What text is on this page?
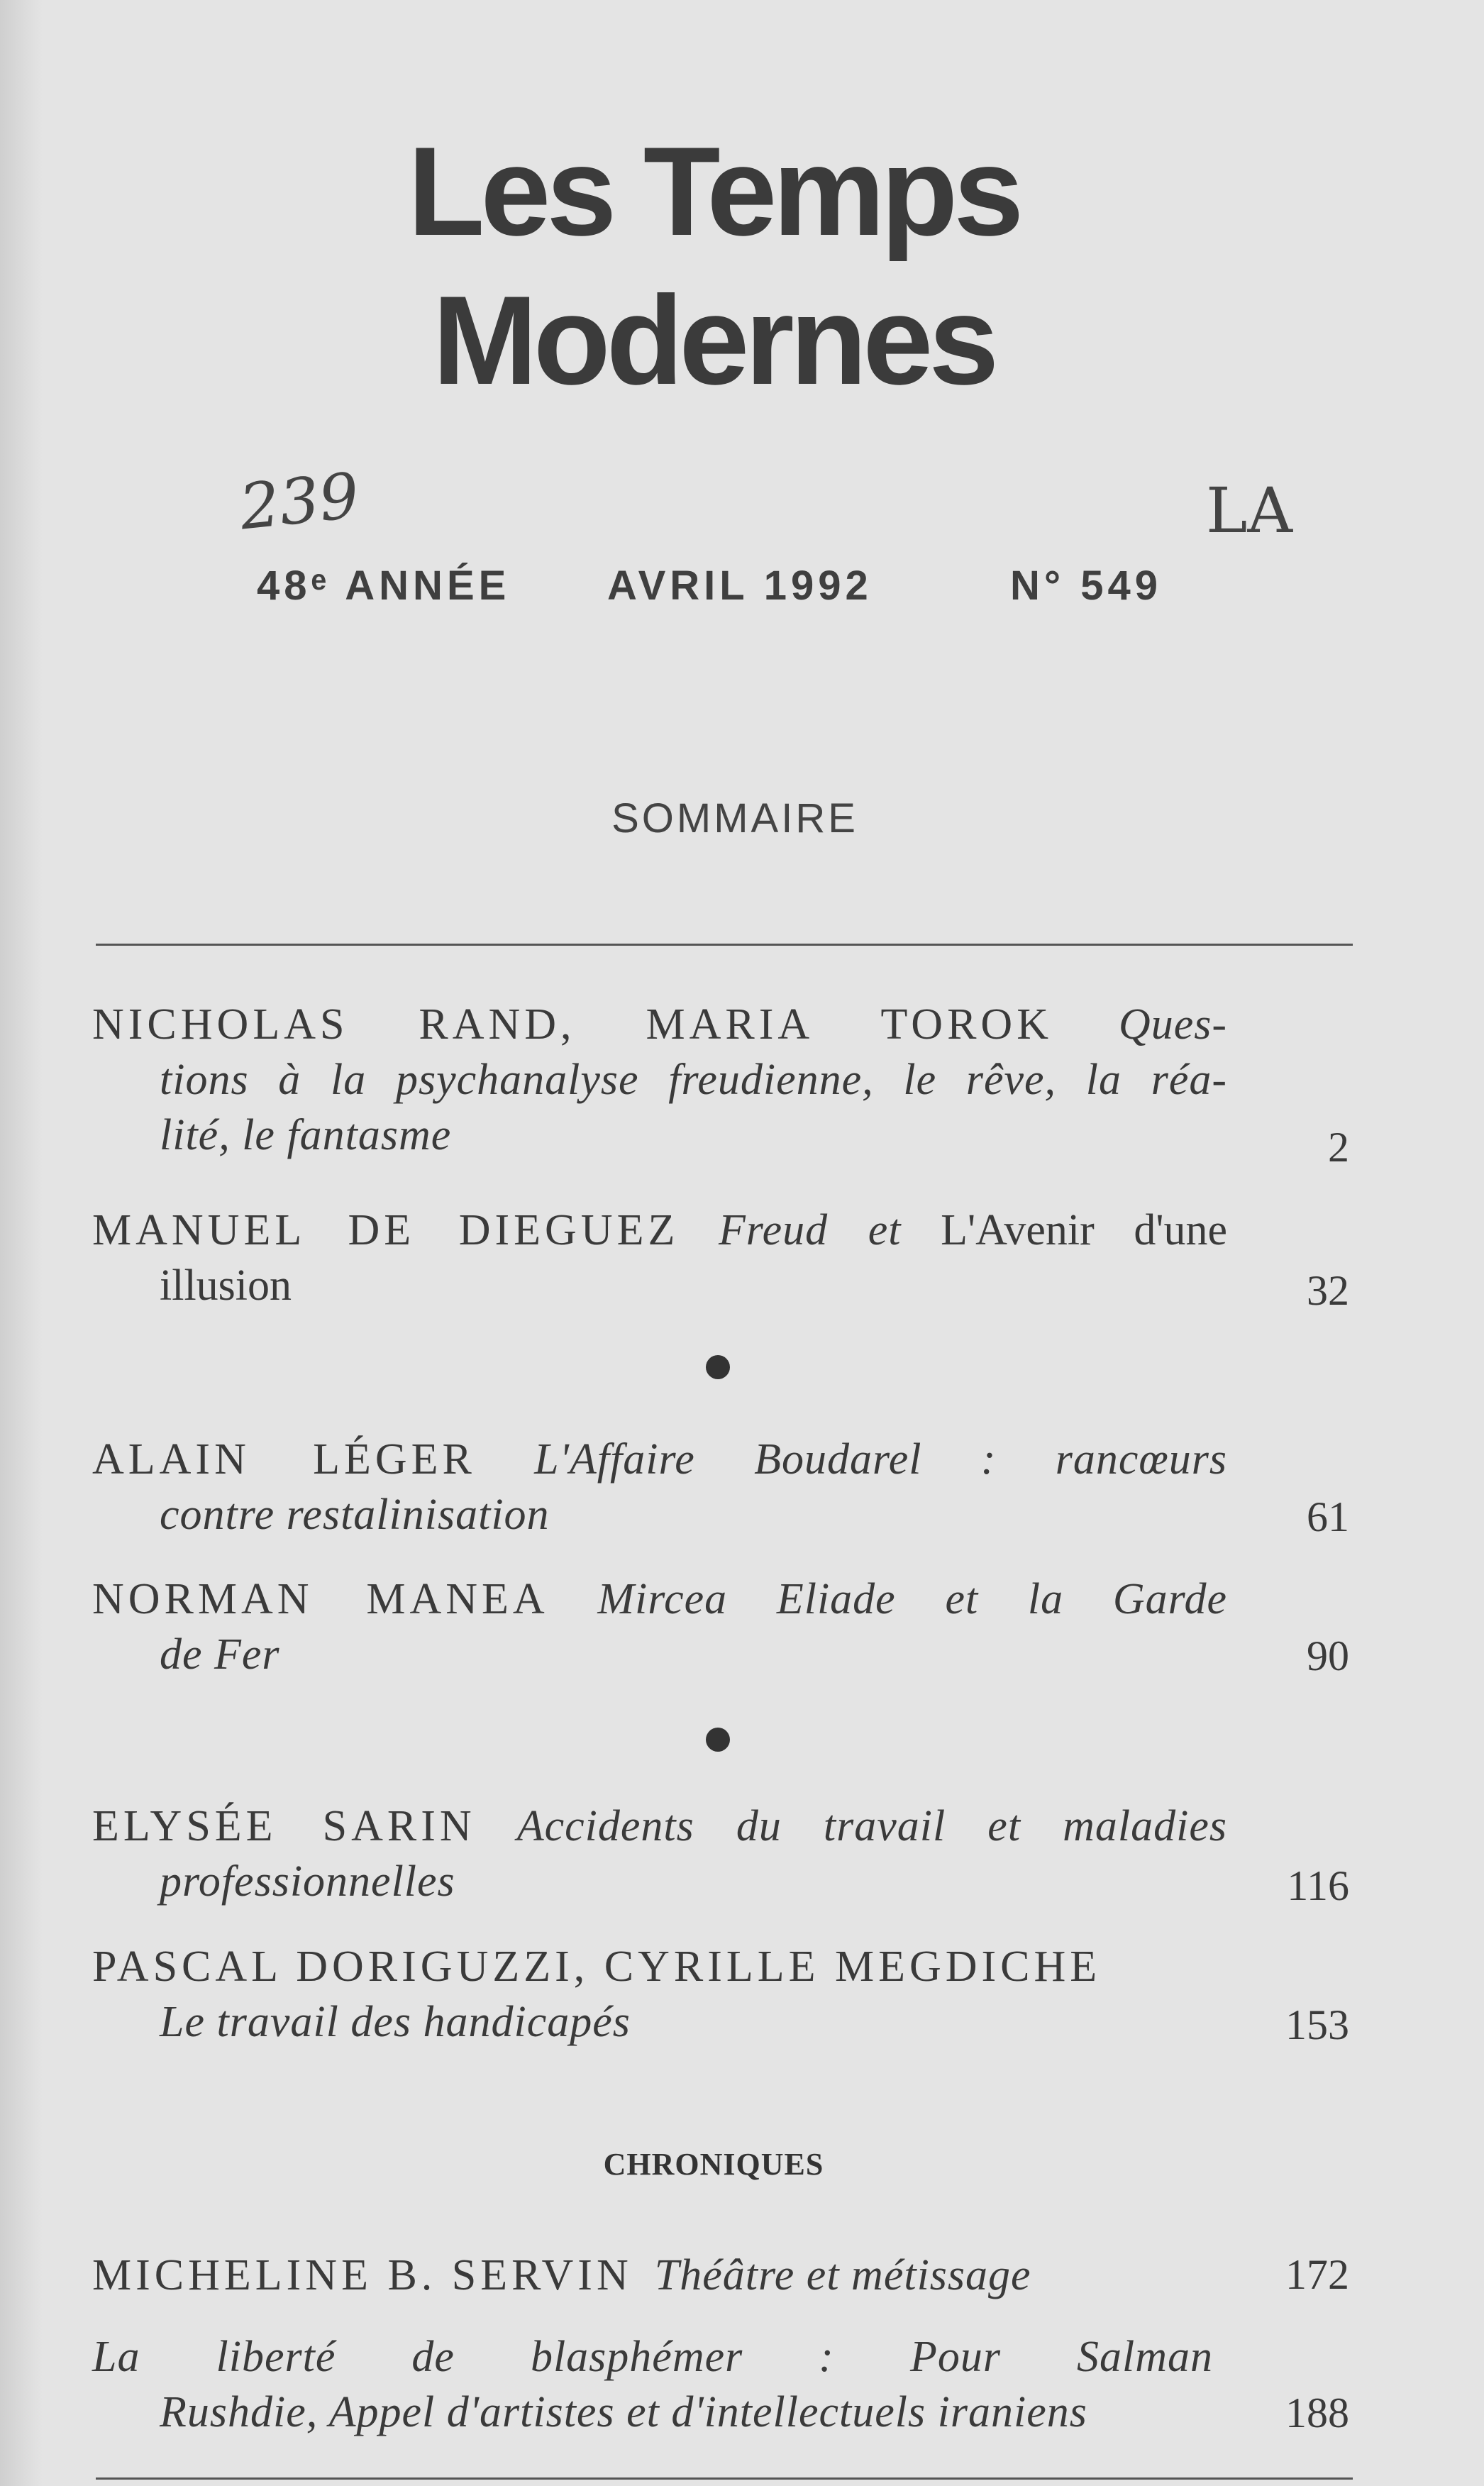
Les Temps
Modernes
239	LA
48ᵉ ANNÉE AVRIL 1992	N° 549
SOMMAIRE
NICHOLAS RAND, MARIA TOROK Ques-
tions à la psychanalyse freudienne, le rêve, la réa-
lité, le fantasme	2
MANUEL DE DIEGUEZ Freud et L'Avenir d'une
illusion	32
ALAIN LÉGER L'Affaire Boudarel : rancœurs
contre restalinisation	61
NORMAN MANEA Mircea Eliade et la Garde
de Fer	90
ELYSÉE SARIN Accidents du travail et maladies
professionnelles	116
PASCAL DORIGUZZI, CYRILLE MEGDICHE
Le travail des handicapés	153
CHRONIQUES
MICHELINE B. SERVIN Théâtre et métissage	172
La liberté de blasphémer : Pour Salman
Rushdie, Appel d'artistes et d'intellectuels iraniens	188
